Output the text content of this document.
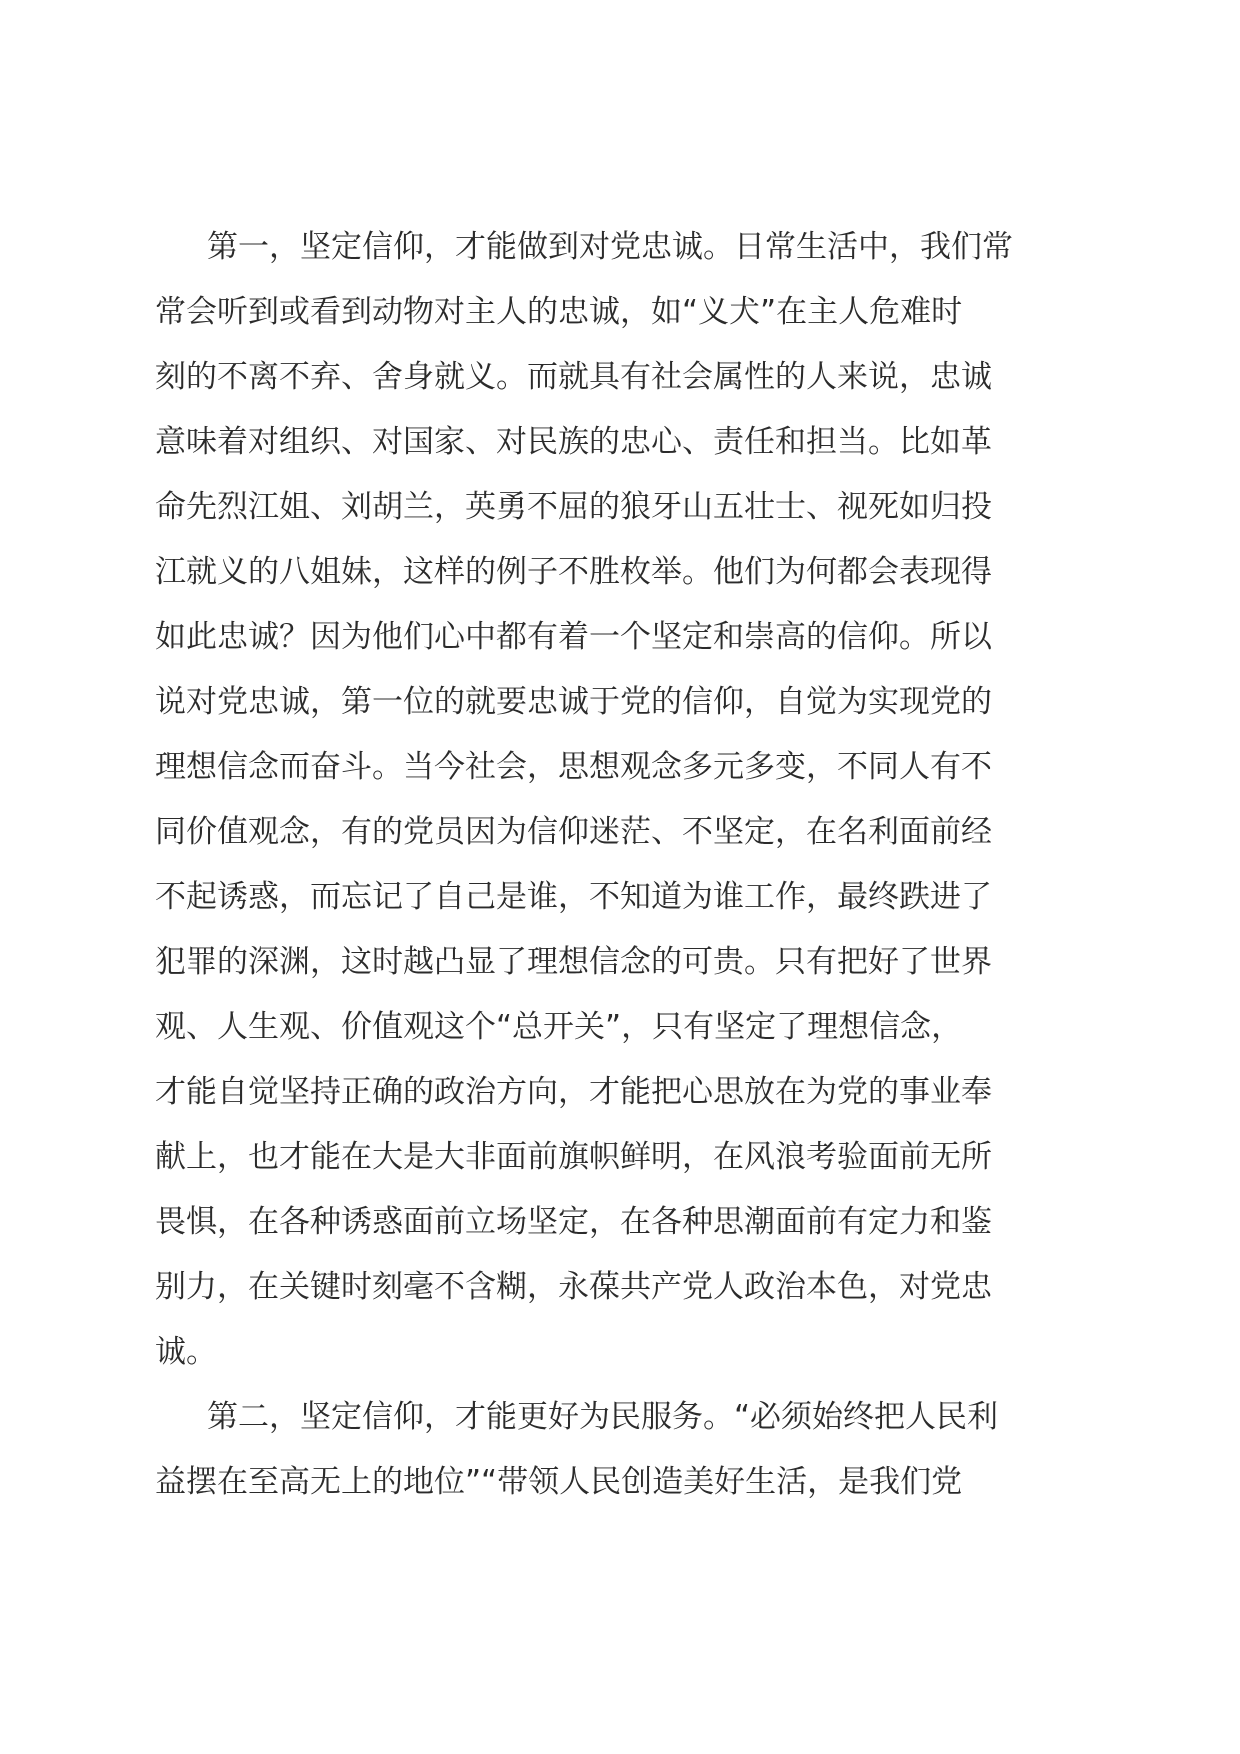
第一，坚定信仰，才能做到对党忠诚。日常生活中，我们常
常会听到或看到动物对主人的忠诚，如“义犬”在主人危难时
刻的不离不弃、舍身就义。而就具有社会属性的人来说，忠诚
意味着对组织、对国家、对民族的忠心、责任和担当。比如革
命先烈江姐、刘胡兰，英勇不屈的狼牙山五壮士、视死如归投
江就义的八姐妹，这样的例子不胜枚举。他们为何都会表现得
如此忠诚？因为他们心中都有着一个坚定和崇高的信仰。所以
说对党忠诚，第一位的就要忠诚于党的信仰，自觉为实现党的
理想信念而奋斗。当今社会，思想观念多元多变，不同人有不
同价值观念，有的党员因为信仰迷茫、不坚定，在名利面前经
不起诱惑，而忘记了自己是谁，不知道为谁工作，最终跌进了
犯罪的深渊，这时越凸显了理想信念的可贵。只有把好了世界
观、人生观、价值观这个“总开关”，只有坚定了理想信念，
才能自觉坚持正确的政治方向，才能把心思放在为党的事业奉
献上，也才能在大是大非面前旗帜鲜明，在风浪考验面前无所
畏惧，在各种诱惑面前立场坚定，在各种思潮面前有定力和鉴
别力，在关键时刻毫不含糊，永葆共产党人政治本色，对党忠
诚。
第二，坚定信仰，才能更好为民服务。“必须始终把人民利
益摆在至高无上的地位”“带领人民创造美好生活，是我们党
